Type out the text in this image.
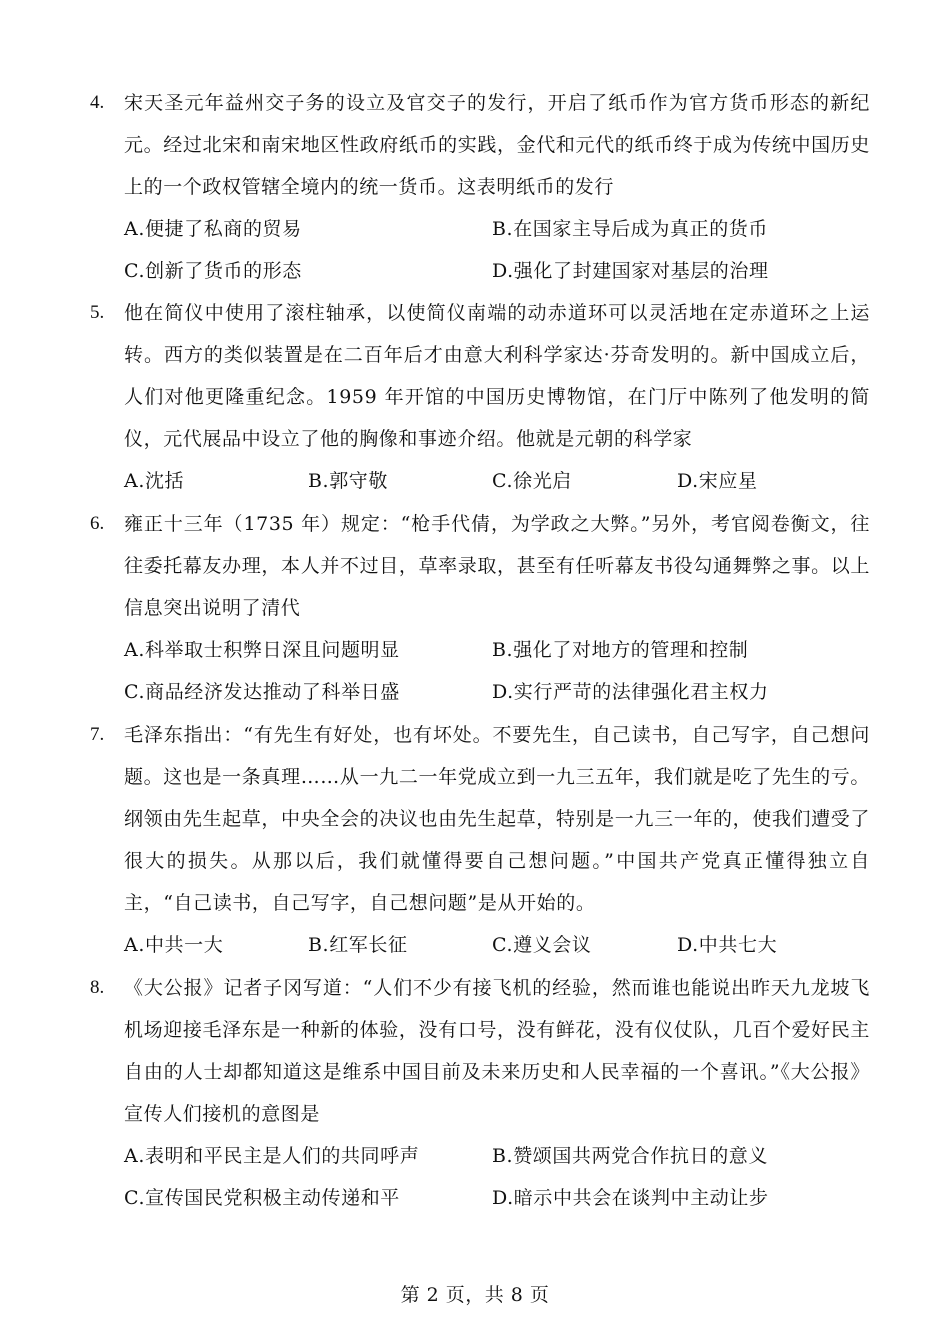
4. 宋天圣元年益州交子务的设立及官交子的发行，开启了纸币作为官方货币形态的新纪元。经过北宋和南宋地区性政府纸币的实践，金代和元代的纸币终于成为传统中国历史上的一个政权管辖全境内的统一货币。这表明纸币的发行
A.便捷了私商的贸易	B.在国家主导后成为真正的货币
C.创新了货币的形态	D.强化了封建国家对基层的治理
5. 他在简仪中使用了滚柱轴承，以使简仪南端的动赤道环可以灵活地在定赤道环之上运转。西方的类似装置是在二百年后才由意大利科学家达·芬奇发明的。新中国成立后，人们对他更隆重纪念。1959 年开馆的中国历史博物馆，在门厅中陈列了他发明的简仪，元代展品中设立了他的胸像和事迹介绍。他就是元朝的科学家
A.沈括	B.郭守敬	C.徐光启	D.宋应星
6. 雍正十三年（1735 年）规定：“枪手代倩，为学政之大弊。”另外，考官阅卷衡文，往往委托幕友办理，本人并不过目，草率录取，甚至有任听幕友书役勾通舞弊之事。以上信息突出说明了清代
A.科举取士积弊日深且问题明显	B.强化了对地方的管理和控制
C.商品经济发达推动了科举日盛	D.实行严苛的法律强化君主权力
7. 毛泽东指出：“有先生有好处，也有坏处。不要先生，自己读书，自己写字，自己想问题。这也是一条真理……从一九二一年党成立到一九三五年，我们就是吃了先生的亏。纲领由先生起草，中央全会的决议也由先生起草，特别是一九三一年的，使我们遭受了很大的损失。从那以后，我们就懂得要自己想问题。”中国共产党真正懂得独立自主，“自己读书，自己写字，自己想问题”是从开始的。
A.中共一大	B.红军长征	C.遵义会议	D.中共七大
8. 《大公报》记者子冈写道：“人们不少有接飞机的经验，然而谁也能说出昨天九龙坡飞机场迎接毛泽东是一种新的体验，没有口号，没有鲜花，没有仪仗队，几百个爱好民主自由的人士却都知道这是维系中国目前及未来历史和人民幸福的一个喜讯。”《大公报》宣传人们接机的意图是
A.表明和平民主是人们的共同呼声	B.赞颂国共两党合作抗日的意义
C.宣传国民党积极主动传递和平	D.暗示中共会在谈判中主动让步
第 2 页，共 8 页
